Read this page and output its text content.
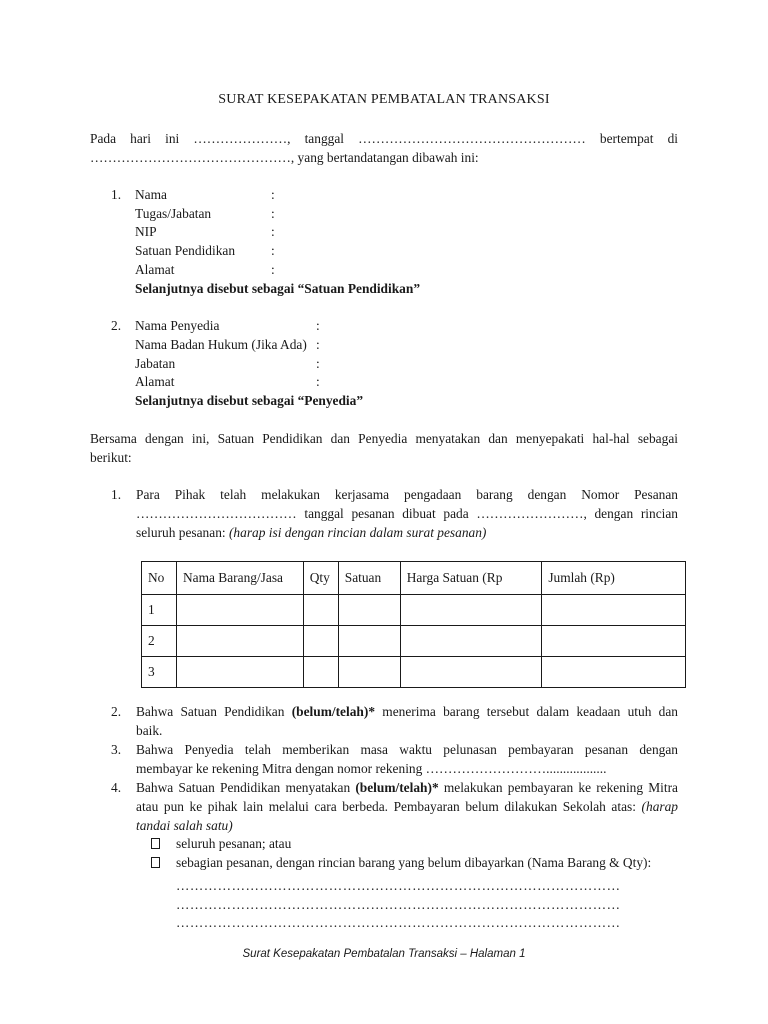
SURAT KESEPAKATAN PEMBATALAN TRANSAKSI
Pada hari ini …………………, tanggal …………………………………………… bertempat di
………………………………………, yang bertandatangan dibawah ini:
1. Nama	:
Tugas/Jabatan	:
NIP	:
Satuan Pendidikan	:
Alamat	:
Selanjutnya disebut sebagai “Satuan Pendidikan”
2. Nama Penyedia	:
Nama Badan Hukum (Jika Ada) :
Jabatan	:
Alamat	:
Selanjutnya disebut sebagai “Penyedia”
Bersama dengan ini, Satuan Pendidikan dan Penyedia menyatakan dan menyepakati hal-hal sebagai
berikut:
1. Para Pihak telah melakukan kerjasama pengadaan barang dengan Nomor Pesanan
……………………………… tanggal pesanan dibuat pada ……………………, dengan rincian
seluruh pesanan: (harap isi dengan rincian dalam surat pesanan)
No	Nama Barang/Jasa	Qty	Satuan	Harga Satuan (Rp	Jumlah (Rp)
1					
2					
3					
2. Bahwa Satuan Pendidikan (belum/telah)* menerima barang tersebut dalam keadaan utuh dan
baik.
3. Bahwa Penyedia telah memberikan masa waktu pelunasan pembayaran pesanan dengan
membayar ke rekening Mitra dengan nomor rekening ………………………..................
4. Bahwa Satuan Pendidikan menyatakan (belum/telah)* melakukan pembayaran ke rekening Mitra
atau pun ke pihak lain melalui cara berbeda. Pembayaran belum dilakukan Sekolah atas: (harap
tandai salah satu)
seluruh pesanan; atau
sebagian pesanan, dengan rincian barang yang belum dibayarkan (Nama Barang & Qty):
……………………………………………………………………………………
……………………………………………………………………………………
……………………………………………………………………………………
Surat Kesepakatan Pembatalan Transaksi – Halaman 1
